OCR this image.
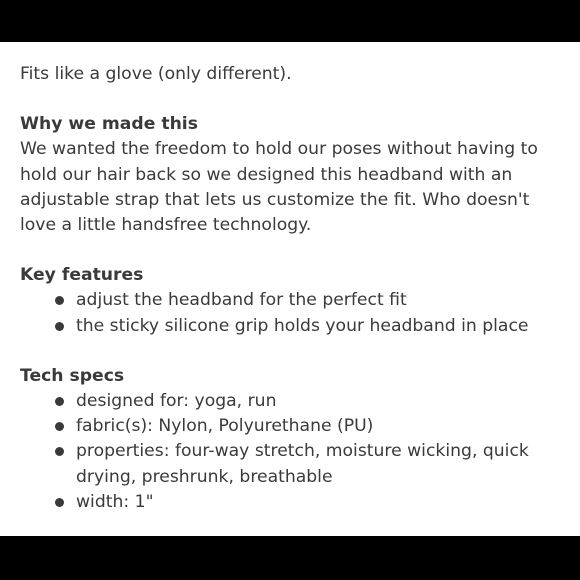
Fits like a glove (only different).

Why we made this

We wanted the freedom to hold our poses without having to hold our hair back so we designed this headband with an adjustable strap that lets us customize the fit. Who doesn't love a little handsfree technology.

Key features

adjust the headband for the perfect fit
the sticky silicone grip holds your headband in place

Tech specs

designed for: yoga, run
fabric(s): Nylon, Polyurethane (PU)
properties: four-way stretch, moisture wicking, quick drying, preshrunk, breathable
width: 1"
